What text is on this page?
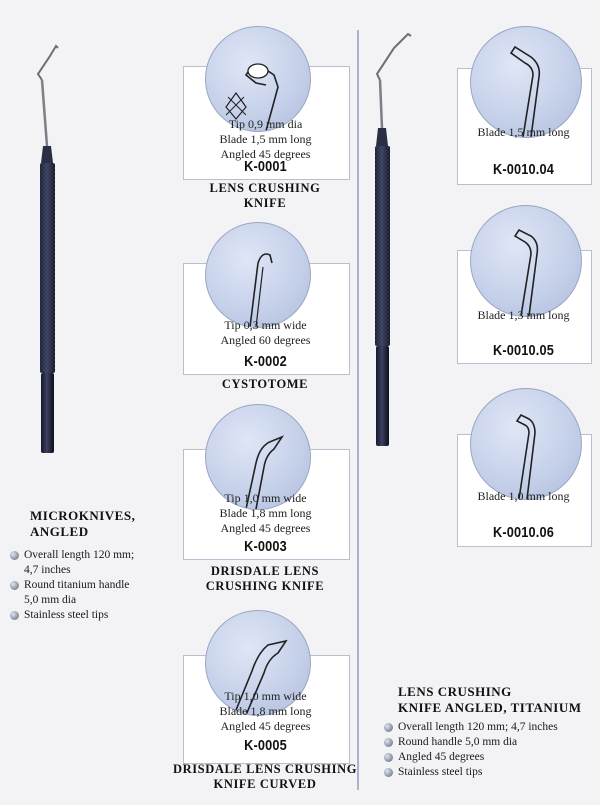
Tip 0,9 mm dia
Blade 1,5 mm long
Angled 45 degrees
K-0001
LENS CRUSHING
KNIFE
Tip 0,3 mm wide
Angled 60 degrees
K-0002
CYSTOTOME
Tip 1,0 mm wide
Blade 1,8 mm long
Angled 45 degrees
K-0003
DRISDALE LENS
CRUSHING KNIFE
Tip 1,0 mm wide
Blade 1,8 mm long
Angled 45 degrees
K-0005
DRISDALE LENS CRUSHING
KNIFE CURVED
Blade 1,5 mm long
K-0010.04
Blade 1,3 mm long
K-0010.05
Blade 1,0 mm long
K-0010.06
MICROKNIVES,
ANGLED
Overall length 120 mm;
4,7 inches
Round titanium handle
5,0 mm dia
Stainless steel tips
LENS CRUSHING
KNIFE ANGLED, TITANIUM
Overall length 120 mm; 4,7 inches
Round handle 5,0 mm dia
Angled 45 degrees
Stainless steel tips
